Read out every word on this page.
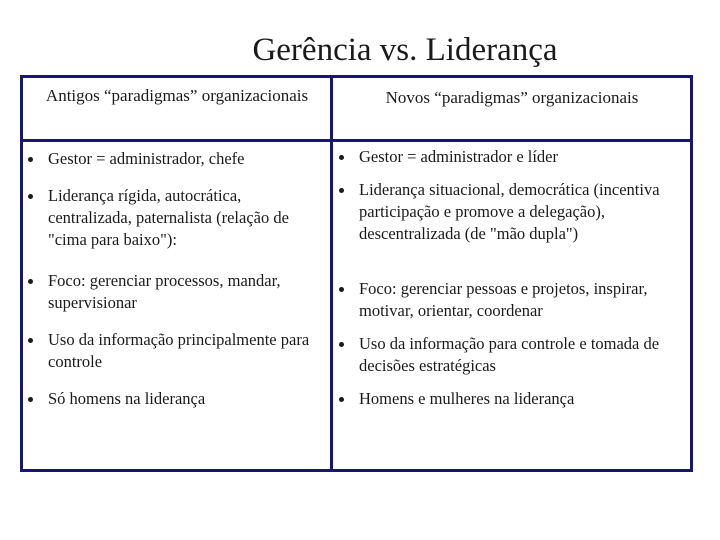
Gerência vs. Liderança
Antigos “paradigmas” organizacionais	Novos “paradigmas” organizacionais
Gestor = administrador, chefe
Liderança rígida, autocrática, centralizada, paternalista (relação de "cima para baixo"):
Foco: gerenciar processos, mandar, supervisionar
Uso da informação principalmente para controle
Só homens na liderança
Gestor = administrador e líder
Liderança situacional, democrática (incentiva participação e promove a delegação), descentralizada (de "mão dupla")
Foco: gerenciar pessoas e projetos, inspirar, motivar, orientar, coordenar
Uso da informação para controle e tomada de decisões estratégicas
Homens e mulheres na liderança
